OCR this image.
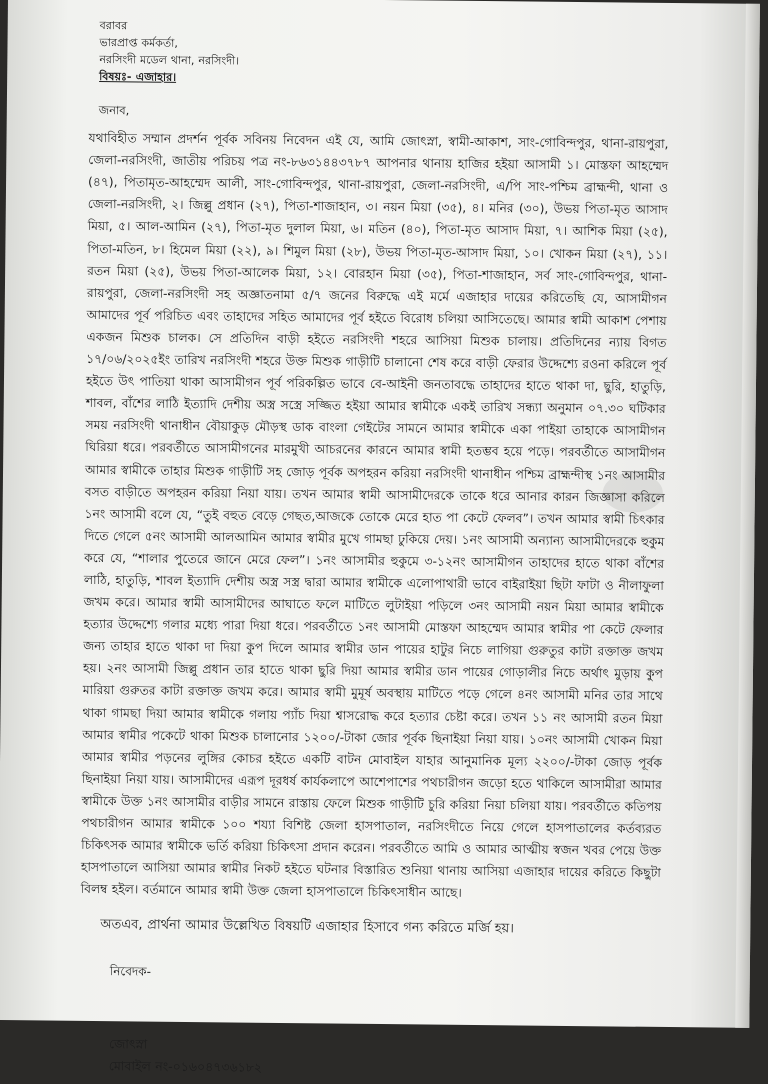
বরাবর
ভারপ্রাপ্ত কর্মকর্তা,
নরসিংদী মডেল থানা, নরসিংদী।
বিষয়ঃ- এজাহার।
জনাব,
যথাবিহীত সম্মান প্রদর্শন পূর্বক সবিনয় নিবেদন এই যে, আমি জোৎস্না, স্বামী-আকাশ, সাং-গোবিন্দপুর, থানা-রায়পুরা, জেলা-নরসিংদী, জাতীয় পরিচয় পত্র নং-৮৬৩১৪৪৩৭৮৭ আপনার থানায় হাজির হইয়া আসামী ১। মোস্তফা আহম্মেদ (৪৭), পিতামৃত-আহম্মেদ আলী, সাং-গোবিন্দপুর, থানা-রায়পুরা, জেলা-নরসিংদী, এ/পি সাং-পশ্চিম ব্রাহ্মন্দী, থানা ও জেলা-নরসিংদী, ২। জিল্লু প্রধান (২৭), পিতা-শাজাহান, ৩। নয়ন মিয়া (৩৫), ৪। মনির (৩০), উভয় পিতা-মৃত আসাদ মিয়া, ৫। আল-আমিন (২৭), পিতা-মৃত দুলাল মিয়া, ৬। মতিন (৪০), পিতা-মৃত আসাদ মিয়া, ৭। আশিক মিয়া (২৫), পিতা-মতিন, ৮। হিমেল মিয়া (২২), ৯। শিমুল মিয়া (২৮), উভয় পিতা-মৃত-আসাদ মিয়া, ১০। খোকন মিয়া (২৭), ১১। রতন মিয়া (২৫), উভয় পিতা-আলেক মিয়া, ১২। বোরহান মিয়া (৩৫), পিতা-শাজাহান, সর্ব সাং-গোবিন্দপুর, থানা-রায়পুরা, জেলা-নরসিংদী সহ অজ্ঞাতনামা ৫/৭ জনের বিরুদ্ধে এই মর্মে এজাহার দায়ের করিতেছি যে, আসামীগন আমাদের পূর্ব পরিচিত এবং তাহাদের সহিত আমাদের পূর্ব হইতে বিরোধ চলিয়া আসিতেছে। আমার স্বামী আকাশ পেশায় একজন মিশুক চালক। সে প্রতিদিন বাড়ী হইতে নরসিংদী শহরে আসিয়া মিশুক চালায়। প্রতিদিনের ন্যায় বিগত ১৭/০৬/২০২৫ইং তারিখ নরসিংদী শহরে উক্ত মিশুক গাড়ীটি চালানো শেষ করে বাড়ী ফেরার উদ্দেশ্যে রওনা করিলে পূর্ব হইতে উৎ পাতিয়া থাকা আসামীগন পূর্ব পরিকল্পিত ভাবে বে-আইনী জনতাবদ্ধে তাহাদের হাতে থাকা দা, ছুরি, হাতুড়ি, শাবল, বাঁশের লাঠি ইত্যাদি দেশীয় অস্ত্র সস্ত্রে সজ্জিত হইয়া আমার স্বামীকে একই তারিখ সন্ধ্যা অনুমান ০৭.৩০ ঘটিকার সময় নরসিংদী থানাধীন বৌয়াকুড় মৌড়স্থ ডাক বাংলা গেইটের সামনে আমার স্বামীকে একা পাইয়া তাহাকে আসামীগন ঘিরিয়া ধরে। পরবর্তীতে আসামীগনের মারমুখী আচরনের কারনে আমার স্বামী হতম্ভব হয়ে পড়ে। পরবর্তীতে আসামীগন আমার স্বামীকে তাহার মিশুক গাড়ীটি সহ জোড় পূর্বক অপহরন করিয়া নরসিংদী থানাধীন পশ্চিম ব্রাহ্মন্দীস্থ ১নং আসামীর বসত বাড়ীতে অপহরন করিয়া নিয়া যায়। তখন আমার স্বামী আসামীদেরকে তাকে ধরে আনার কারন জিজ্ঞাসা করিলে ১নং আসামী বলে যে, “তুই বহুত বেড়ে গেছত,আজকে তোকে মেরে হাত পা কেটে ফেলব”। তখন আমার স্বামী চিৎকার দিতে গেলে ৫নং আসামী আলআমিন আমার স্বামীর মুখে গামছা ঢুকিয়ে দেয়। ১নং আসামী অন্যান্য আসামীদেরকে হুকুম করে যে, “শালার পুতেরে জানে মেরে ফেল”। ১নং আসামীর হুকুমে ৩-১২নং আসামীগন তাহাদের হাতে থাকা বাঁশের লাঠি, হাতুড়ি, শাবল ইত্যাদি দেশীয় অস্ত্র সস্ত্র দ্বারা আমার স্বামীকে এলোপাথারী ভাবে বাইরাইয়া ছিটা ফাটা ও নীলাফুলা জখম করে। আমার স্বামী আসামীদের আঘাতে ফলে মাটিতে লুটাইয়া পড়িলে ৩নং আসামী নয়ন মিয়া আমার স্বামীকে হত্যার উদ্দেশ্যে গলার মধ্যে পারা দিয়া ধরে। পরবর্তীতে ১নং আসামী মোস্তফা আহম্মেদ আমার স্বামীর পা কেটে ফেলার জন্য তাহার হাতে থাকা দা দিয়া কুপ দিলে আমার স্বামীর ডান পায়ের হাটুর নিচে লাগিয়া গুরুতুর কাটা রক্তাক্ত জখম হয়। ২নং আসামী জিল্লু প্রধান তার হাতে থাকা ছুরি দিয়া আমার স্বামীর ডান পায়ের গোড়ালীর নিচে অর্থাৎ মুড়ায় কুপ মারিয়া গুরুতর কাটা রক্তাক্ত জখম করে। আমার স্বামী মুমূর্ষ অবস্থায় মাটিতে পড়ে গেলে ৪নং আসামী মনির তার সাথে থাকা গামছা দিয়া আমার স্বামীকে গলায় প্যাঁচ দিয়া শ্বাসরোদ্ধ করে হত্যার চেষ্টা করে। তখন ১১ নং আসামী রতন মিয়া আমার স্বামীর পকেটে থাকা মিশুক চালানোর ১২০০/-টাকা জোর পূর্বক ছিনাইয়া নিয়া যায়। ১০নং আসামী খোকন মিয়া আমার স্বামীর পড়নের লুঙ্গির কোচর হইতে একটি বাটন মোবাইল যাহার আনুমানিক মূল্য ২২০০/-টাকা জোড় পূর্বক ছিনাইয়া নিয়া যায়। আসামীদের এরূপ দূরধর্ষ কার্যকলাপে আশেপাশের পথচারীগন জড়ো হতে থাকিলে আসামীরা আমার স্বামীকে উক্ত ১নং আসামীর বাড়ীর সামনে রাস্তায় ফেলে মিশুক গাড়ীটি চুরি করিয়া নিয়া চলিয়া যায়। পরবর্তীতে কতিপয় পথচারীগন আমার স্বামীকে ১০০ শয্যা বিশিষ্ট জেলা হাসপাতাল, নরসিংদীতে নিয়ে গেলে হাসপাতালের কর্তব্যরত চিকিৎসক আমার স্বামীকে ভর্তি করিয়া চিকিৎসা প্রদান করেন। পরবর্তীতে আমি ও আমার আত্মীয় স্বজন খবর পেয়ে উক্ত হাসপাতালে আসিয়া আমার স্বামীর নিকট হইতে ঘটনার বিস্তারিত শুনিয়া থানায় আসিয়া এজাহার দায়ের করিতে কিছুটা বিলম্ব হইল। বর্তমানে আমার স্বামী উক্ত জেলা হাসপাতালে চিকিৎসাধীন আছে।
অতএব, প্রার্থনা আমার উল্লেখিত বিষয়টি এজাহার হিসাবে গন্য করিতে মর্জি হয়।
নিবেদক-
জোৎস্না
মোবাইল নং-০১৬০৪৭৩৬১৮২
